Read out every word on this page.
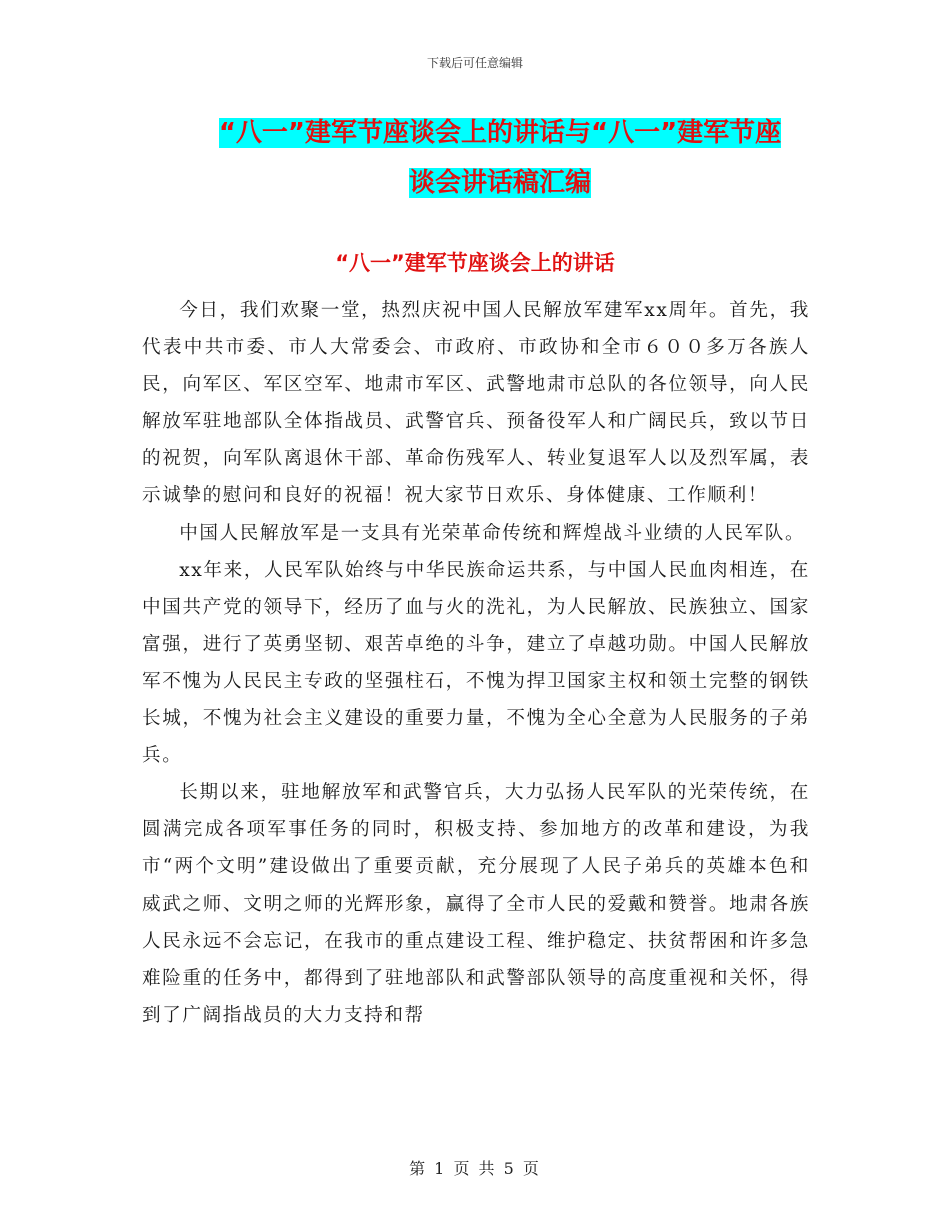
下载后可任意编辑
“八一”建军节座谈会上的讲话与“八一”建军节座
谈会讲话稿汇编
“八一”建军节座谈会上的讲话

今日，我们欢聚一堂，热烈庆祝中国人民解放军建军xx周年。首先，我代表中共市委、市人大常委会、市政府、市政协和全市６００多万各族人民，向军区、军区空军、地肃市军区、武警地肃市总队的各位领导，向人民解放军驻地部队全体指战员、武警官兵、预备役军人和广阔民兵，致以节日的祝贺，向军队离退休干部、革命伤残军人、转业复退军人以及烈军属，表示诚挚的慰问和良好的祝福！祝大家节日欢乐、身体健康、工作顺利！

中国人民解放军是一支具有光荣革命传统和辉煌战斗业绩的人民军队。

xx年来，人民军队始终与中华民族命运共系，与中国人民血肉相连，在中国共产党的领导下，经历了血与火的洗礼，为人民解放、民族独立、国家富强，进行了英勇坚韧、艰苦卓绝的斗争，建立了卓越功勋。中国人民解放军不愧为人民民主专政的坚强柱石，不愧为捍卫国家主权和领土完整的钢铁长城，不愧为社会主义建设的重要力量，不愧为全心全意为人民服务的子弟兵。

长期以来，驻地解放军和武警官兵，大力弘扬人民军队的光荣传统，在圆满完成各项军事任务的同时，积极支持、参加地方的改革和建设，为我市“两个文明”建设做出了重要贡献，充分展现了人民子弟兵的英雄本色和威武之师、文明之师的光辉形象，赢得了全市人民的爱戴和赞誉。地肃各族人民永远不会忘记，在我市的重点建设工程、维护稳定、扶贫帮困和许多急难险重的任务中，都得到了驻地部队和武警部队领导的高度重视和关怀，得到了广阔指战员的大力支持和帮

第 1 页 共 5 页
